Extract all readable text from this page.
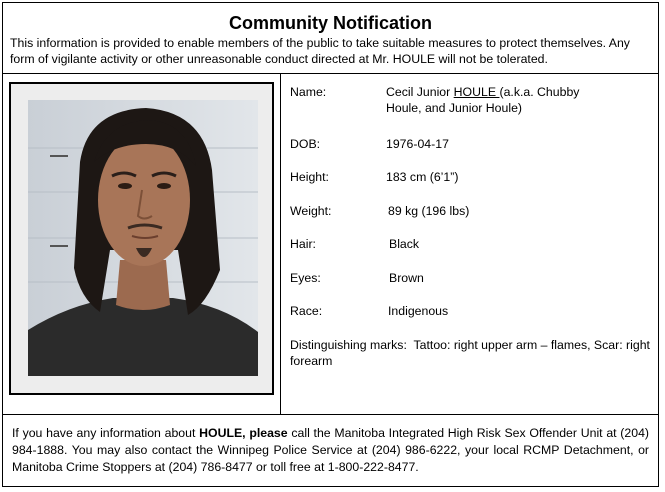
Community Notification
This information is provided to enable members of the public to take suitable measures to protect themselves. Any form of vigilante activity or other unreasonable conduct directed at Mr. HOULE will not be tolerated.
Name:	Cecil Junior HOULE (a.k.a. Chubby
Houle, and Junior Houle)
DOB:	1976-04-17
Height:	183 cm (6’1”)
Weight:	89 kg (196 lbs)
Hair:	Black
Eyes:	Brown
Race:	Indigenous
Distinguishing marks: Tattoo: right upper arm – flames, Scar: right forearm
If you have any information about HOULE, please call the Manitoba Integrated High Risk Sex Offender Unit at (204) 984-1888. You may also contact the Winnipeg Police Service at (204) 986-6222, your local RCMP Detachment, or Manitoba Crime Stoppers at (204) 786-8477 or toll free at 1-800-222-8477.
